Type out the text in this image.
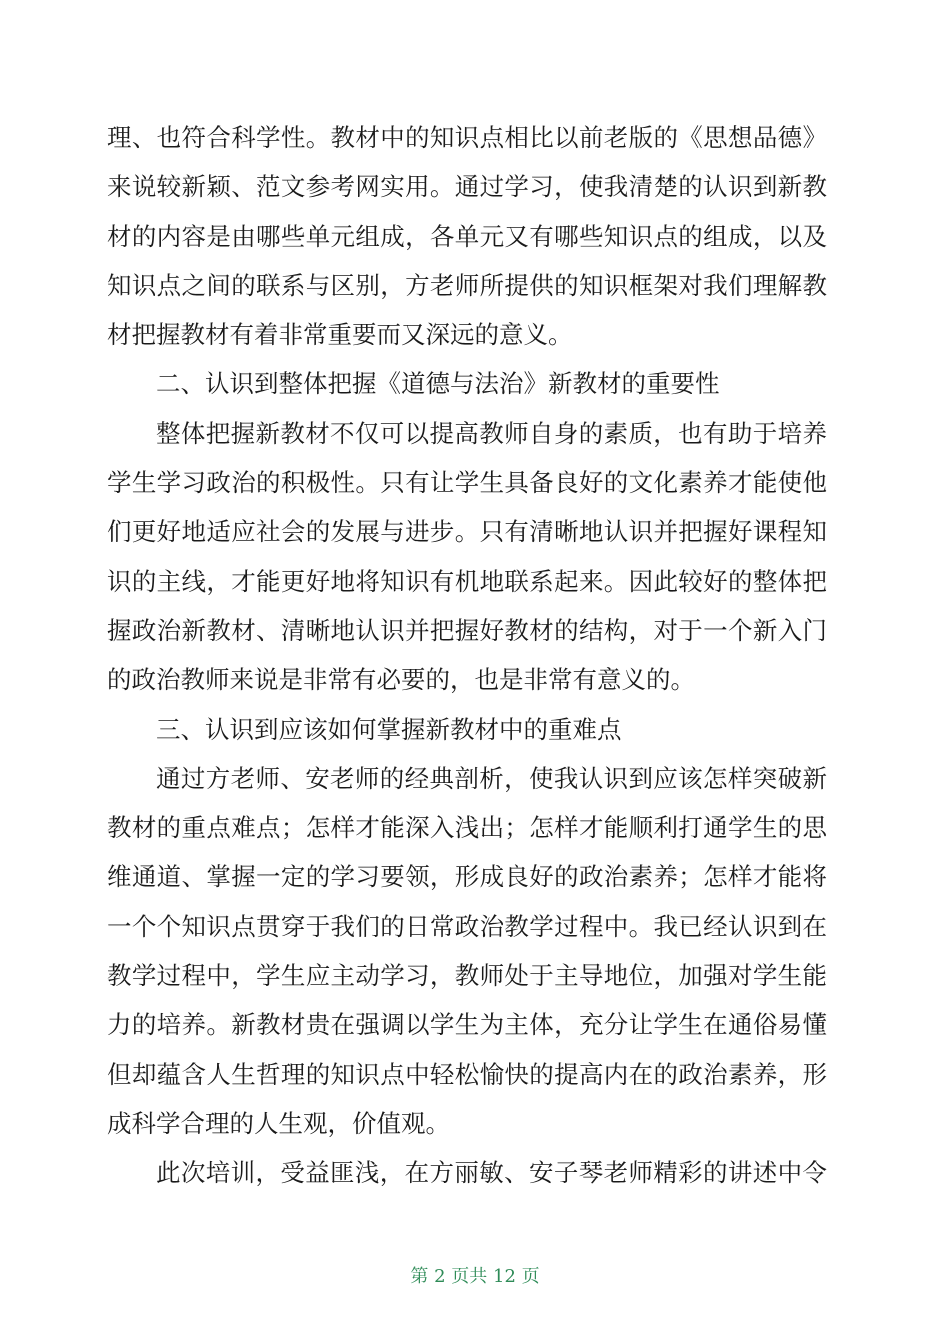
理、也符合科学性。教材中的知识点相比以前老版的《思想品德》
来说较新颖、范文参考网实用。通过学习，使我清楚的认识到新教
材的内容是由哪些单元组成，各单元又有哪些知识点的组成，以及
知识点之间的联系与区别，方老师所提供的知识框架对我们理解教
材把握教材有着非常重要而又深远的意义。
二、认识到整体把握《道德与法治》新教材的重要性
整体把握新教材不仅可以提高教师自身的素质，也有助于培养
学生学习政治的积极性。只有让学生具备良好的文化素养才能使他
们更好地适应社会的发展与进步。只有清晰地认识并把握好课程知
识的主线，才能更好地将知识有机地联系起来。因此较好的整体把
握政治新教材、清晰地认识并把握好教材的结构，对于一个新入门
的政治教师来说是非常有必要的，也是非常有意义的。
三、认识到应该如何掌握新教材中的重难点
通过方老师、安老师的经典剖析，使我认识到应该怎样突破新
教材的重点难点；怎样才能深入浅出；怎样才能顺利打通学生的思
维通道、掌握一定的学习要领，形成良好的政治素养；怎样才能将
一个个知识点贯穿于我们的日常政治教学过程中。我已经认识到在
教学过程中，学生应主动学习，教师处于主导地位，加强对学生能
力的培养。新教材贵在强调以学生为主体，充分让学生在通俗易懂
但却蕴含人生哲理的知识点中轻松愉快的提高内在的政治素养，形
成科学合理的人生观，价值观。
此次培训，受益匪浅，在方丽敏、安子琴老师精彩的讲述中令
第 2 页共 12 页
